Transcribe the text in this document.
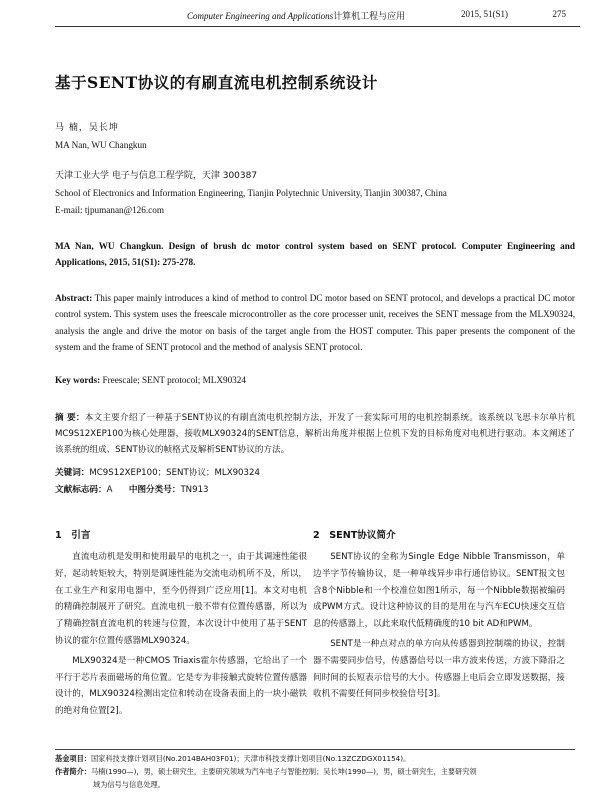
Computer Engineering and Applications计算机工程与应用	2015, 51(S1)	275
基于SENT协议的有刷直流电机控制系统设计
马 楠，吴长坤
MA Nan, WU Changkun
天津工业大学 电子与信息工程学院，天津 300387
School of Electronics and Information Engineering, Tianjin Polytechnic University, Tianjin 300387, China
E-mail: tjpumanan@126.com
MA Nan, WU Changkun. Design of brush dc motor control system based on SENT protocol. Computer Engineering and Applications, 2015, 51(S1): 275-278.
Abstract: This paper mainly introduces a kind of method to control DC motor based on SENT protocol, and develops a practical DC motor control system. This system uses the freescale microcontroller as the core processer unit, receives the SENT message from the MLX90324, analysis the angle and drive the motor on basis of the target angle from the HOST computer. This paper presents the component of the system and the frame of SENT protocol and the method of analysis SENT protocol.
Key words: Freescale; SENT protocol; MLX90324
摘 要：本文主要介绍了一种基于SENT协议的有刷直流电机控制方法，开发了一套实际可用的电机控制系统。该系统以飞思卡尔单片机MC9S12XEP100为核心处理器，接收MLX90324的SENT信息，解析出角度并根据上位机下发的目标角度对电机进行驱动。本文阐述了该系统的组成、SENT协议的帧格式及解析SENT协议的方法。
关键词：MC9S12XEP100；SENT协议；MLX90324
文献标志码：A 中图分类号：TN913
1　引言	2　SENT协议简介

直流电动机是发明和使用最早的电机之一，由于其调速性能很好，起动转矩较大，特别是调速性能为交流电动机所不及，所以，在工业生产和家用电器中，至今仍得到广泛应用[1]。本文对电机的精确控制展开了研究。直流电机一般不带有位置传感器，所以为了精确控制直流电机的转速与位置，本次设计中使用了基于SENT协议的霍尔位置传感器MLX90324。

MLX90324是一种CMOS Triaxis霍尔传感器，它给出了一个平行于芯片表面磁场的角位置。它是专为非接触式旋转位置传感器设计的，MLX90324检测出定位和转动在设备表面上的一块小磁铁的绝对角位置[2]。

SENT协议的全称为Single Edge Nibble Transmisson，单边半字节传输协议，是一种单线异步串行通信协议。SENT报文包含8个Nibble和一个校准位如图1所示，每一个Nibble数据被编码成PWM方式。设计这种协议的目的是用在与汽车ECU快速交互信息的传感器上，以此来取代低精确度的10 bit AD和PWM。

SENT是一种点对点的单方向从传感器到控制端的协议，控制器不需要同步信号，传感器信号以一串方波来传送，方波下降沿之间时间的长短表示信号的大小。传感器上电后会立即发送数据，接收机不需要任何同步校验信号[3]。

基金项目：国家科技支撑计划项目(No.2014BAH03F01)；天津市科技支撑计划项目(No.13ZCZDGX01154)。
作者简介：马楠(1990—)，男，硕士研究生，主要研究领域为汽车电子与智能控制；吴长坤(1990—)，男，硕士研究生，主要研究领
域为信号与信息处理。
